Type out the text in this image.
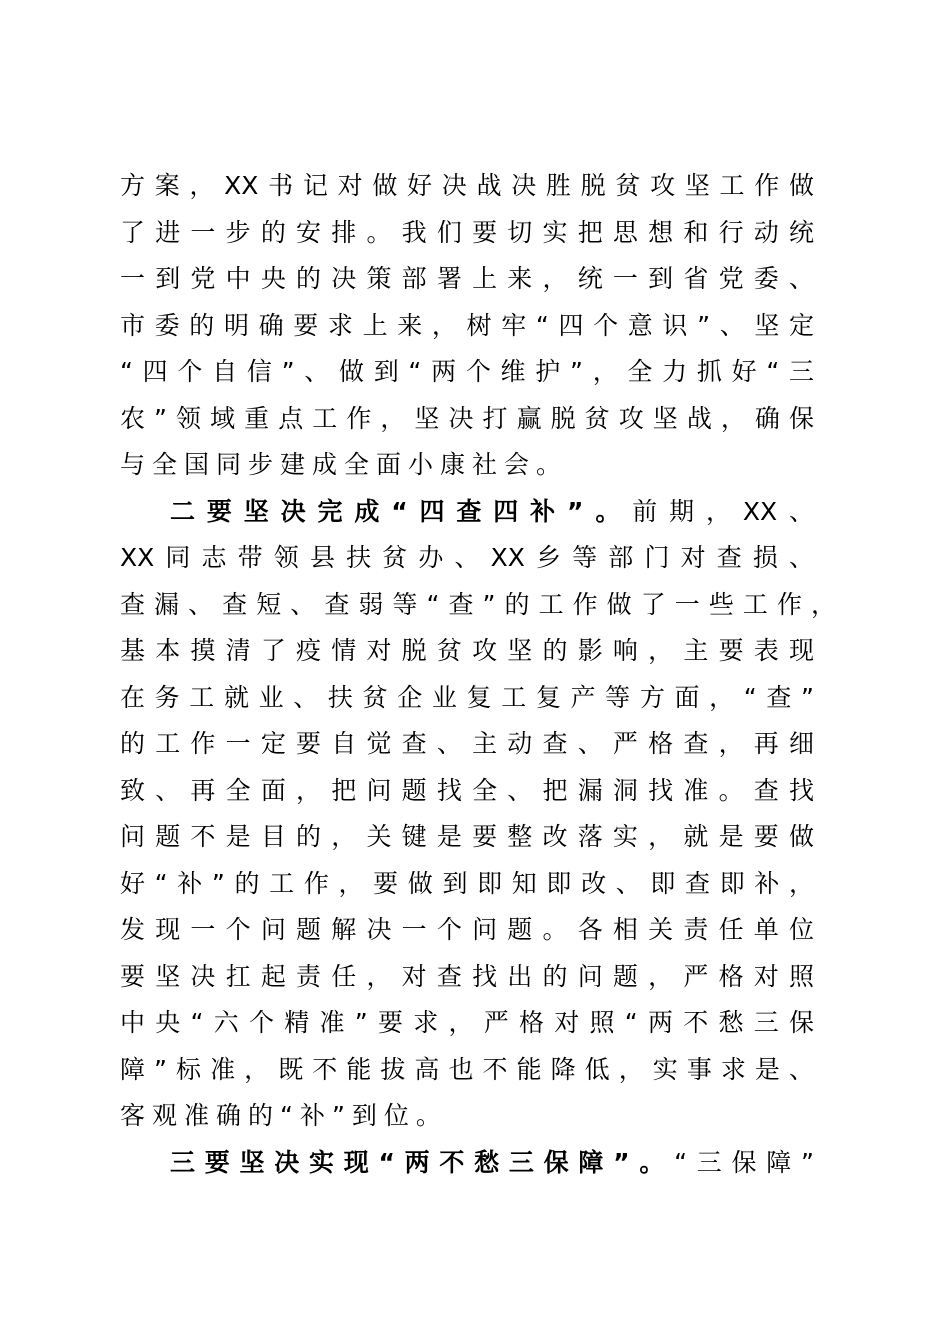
方案，XX书记对做好决战决胜脱贫攻坚工作做
了进一步的安排。我们要切实把思想和行动统
一到党中央的决策部署上来，统一到省党委、
市委的明确要求上来，树牢“四个意识”、坚定
“四个自信”、做到“两个维护”，全力抓好“三
农”领域重点工作，坚决打赢脱贫攻坚战，确保
与全国同步建成全面小康社会。
二要坚决完成“四查四补”。前期，XX、
XX同志带领县扶贫办、XX乡等部门对查损、
查漏、查短、查弱等“查”的工作做了一些工作，
基本摸清了疫情对脱贫攻坚的影响，主要表现
在务工就业、扶贫企业复工复产等方面，“查”
的工作一定要自觉查、主动查、严格查，再细
致、再全面，把问题找全、把漏洞找准。查找
问题不是目的，关键是要整改落实，就是要做
好“补”的工作，要做到即知即改、即查即补，
发现一个问题解决一个问题。各相关责任单位
要坚决扛起责任，对查找出的问题，严格对照
中央“六个精准”要求，严格对照“两不愁三保
障”标准，既不能拔高也不能降低，实事求是、
客观准确的“补”到位。
三要坚决实现“两不愁三保障”。“三保障”
